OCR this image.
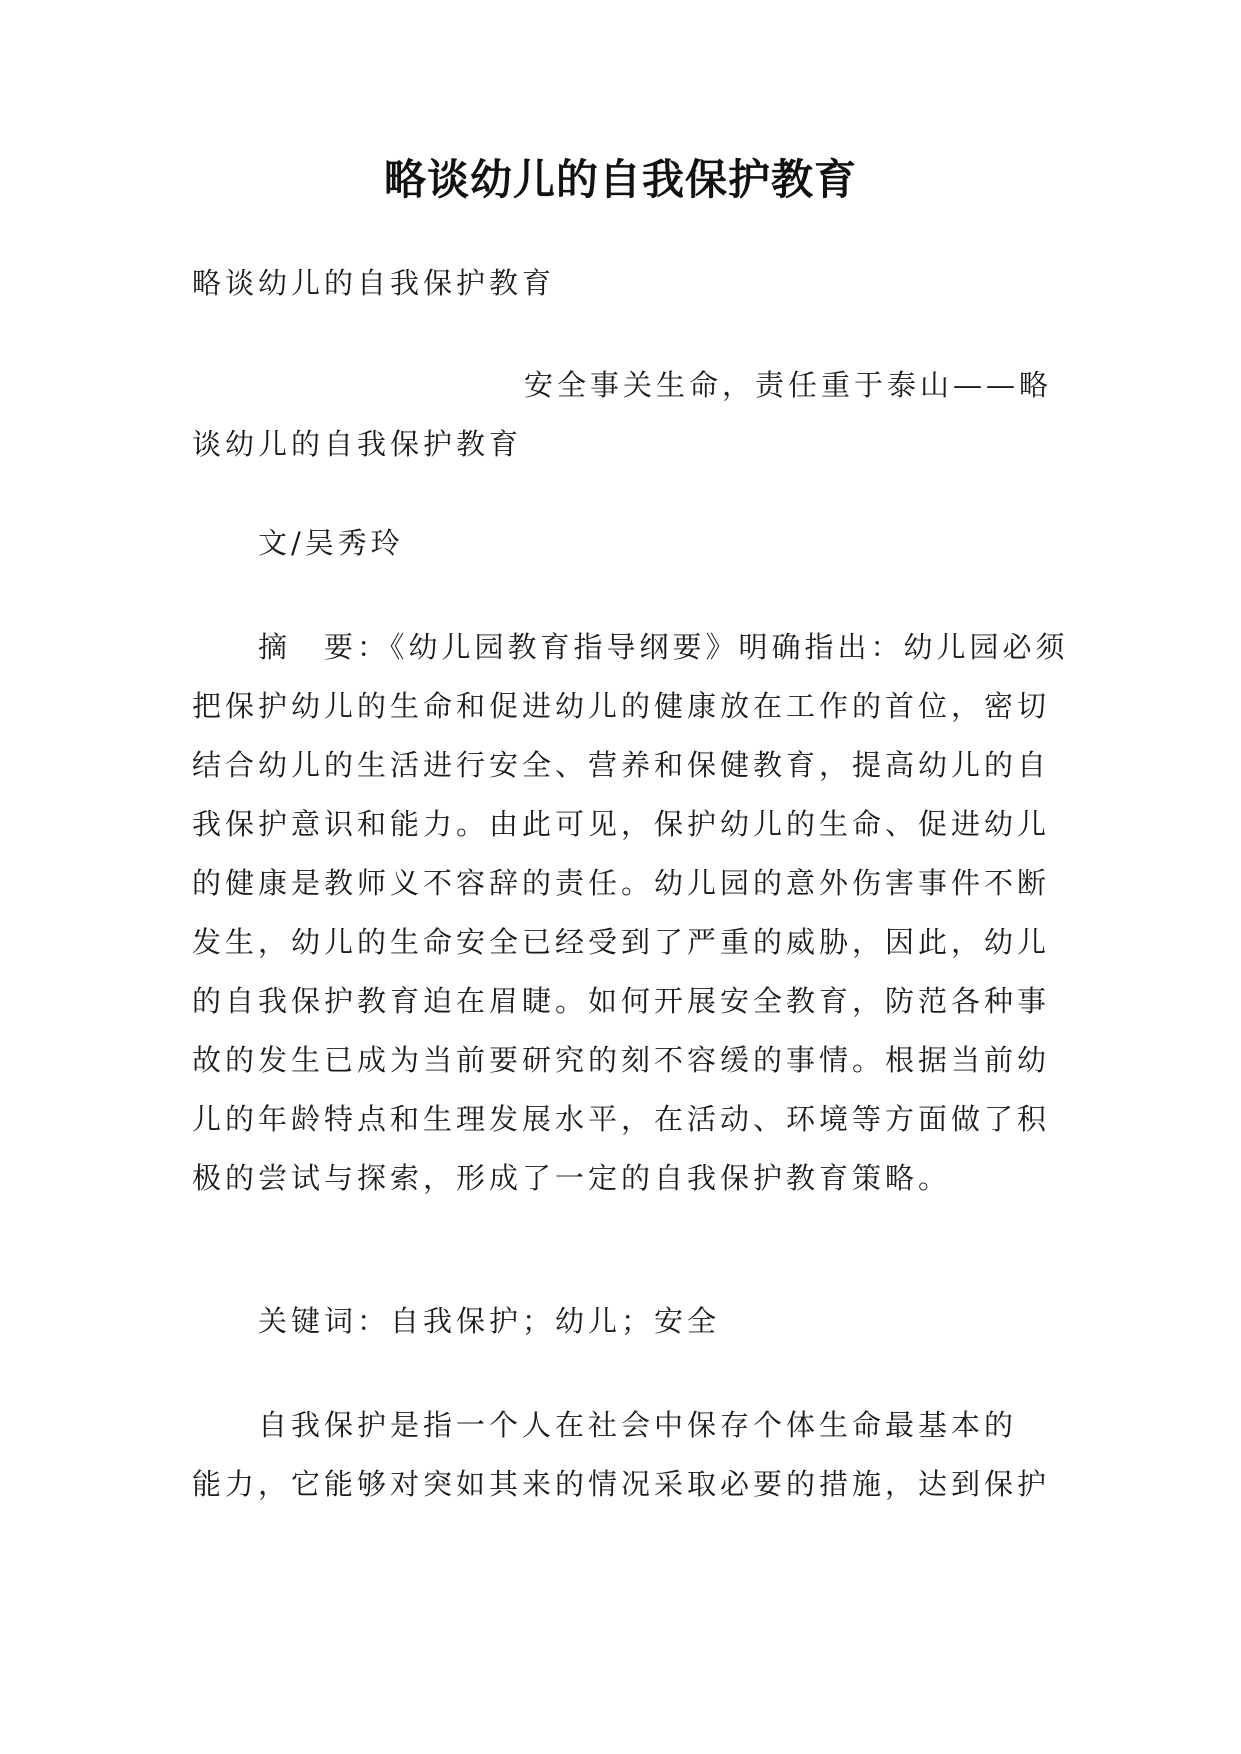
略谈幼儿的自我保护教育
略谈幼儿的自我保护教育
安全事关生命，责任重于泰山——略
谈幼儿的自我保护教育
文/吴秀玲
摘　要：《幼儿园教育指导纲要》明确指出：幼儿园必须
把保护幼儿的生命和促进幼儿的健康放在工作的首位，密切
结合幼儿的生活进行安全、营养和保健教育，提高幼儿的自
我保护意识和能力。由此可见，保护幼儿的生命、促进幼儿
的健康是教师义不容辞的责任。幼儿园的意外伤害事件不断
发生，幼儿的生命安全已经受到了严重的威胁，因此，幼儿
的自我保护教育迫在眉睫。如何开展安全教育，防范各种事
故的发生已成为当前要研究的刻不容缓的事情。根据当前幼
儿的年龄特点和生理发展水平，在活动、环境等方面做了积
极的尝试与探索，形成了一定的自我保护教育策略。
关键词：自我保护；幼儿；安全
自我保护是指一个人在社会中保存个体生命最基本的
能力，它能够对突如其来的情况采取必要的措施，达到保护
